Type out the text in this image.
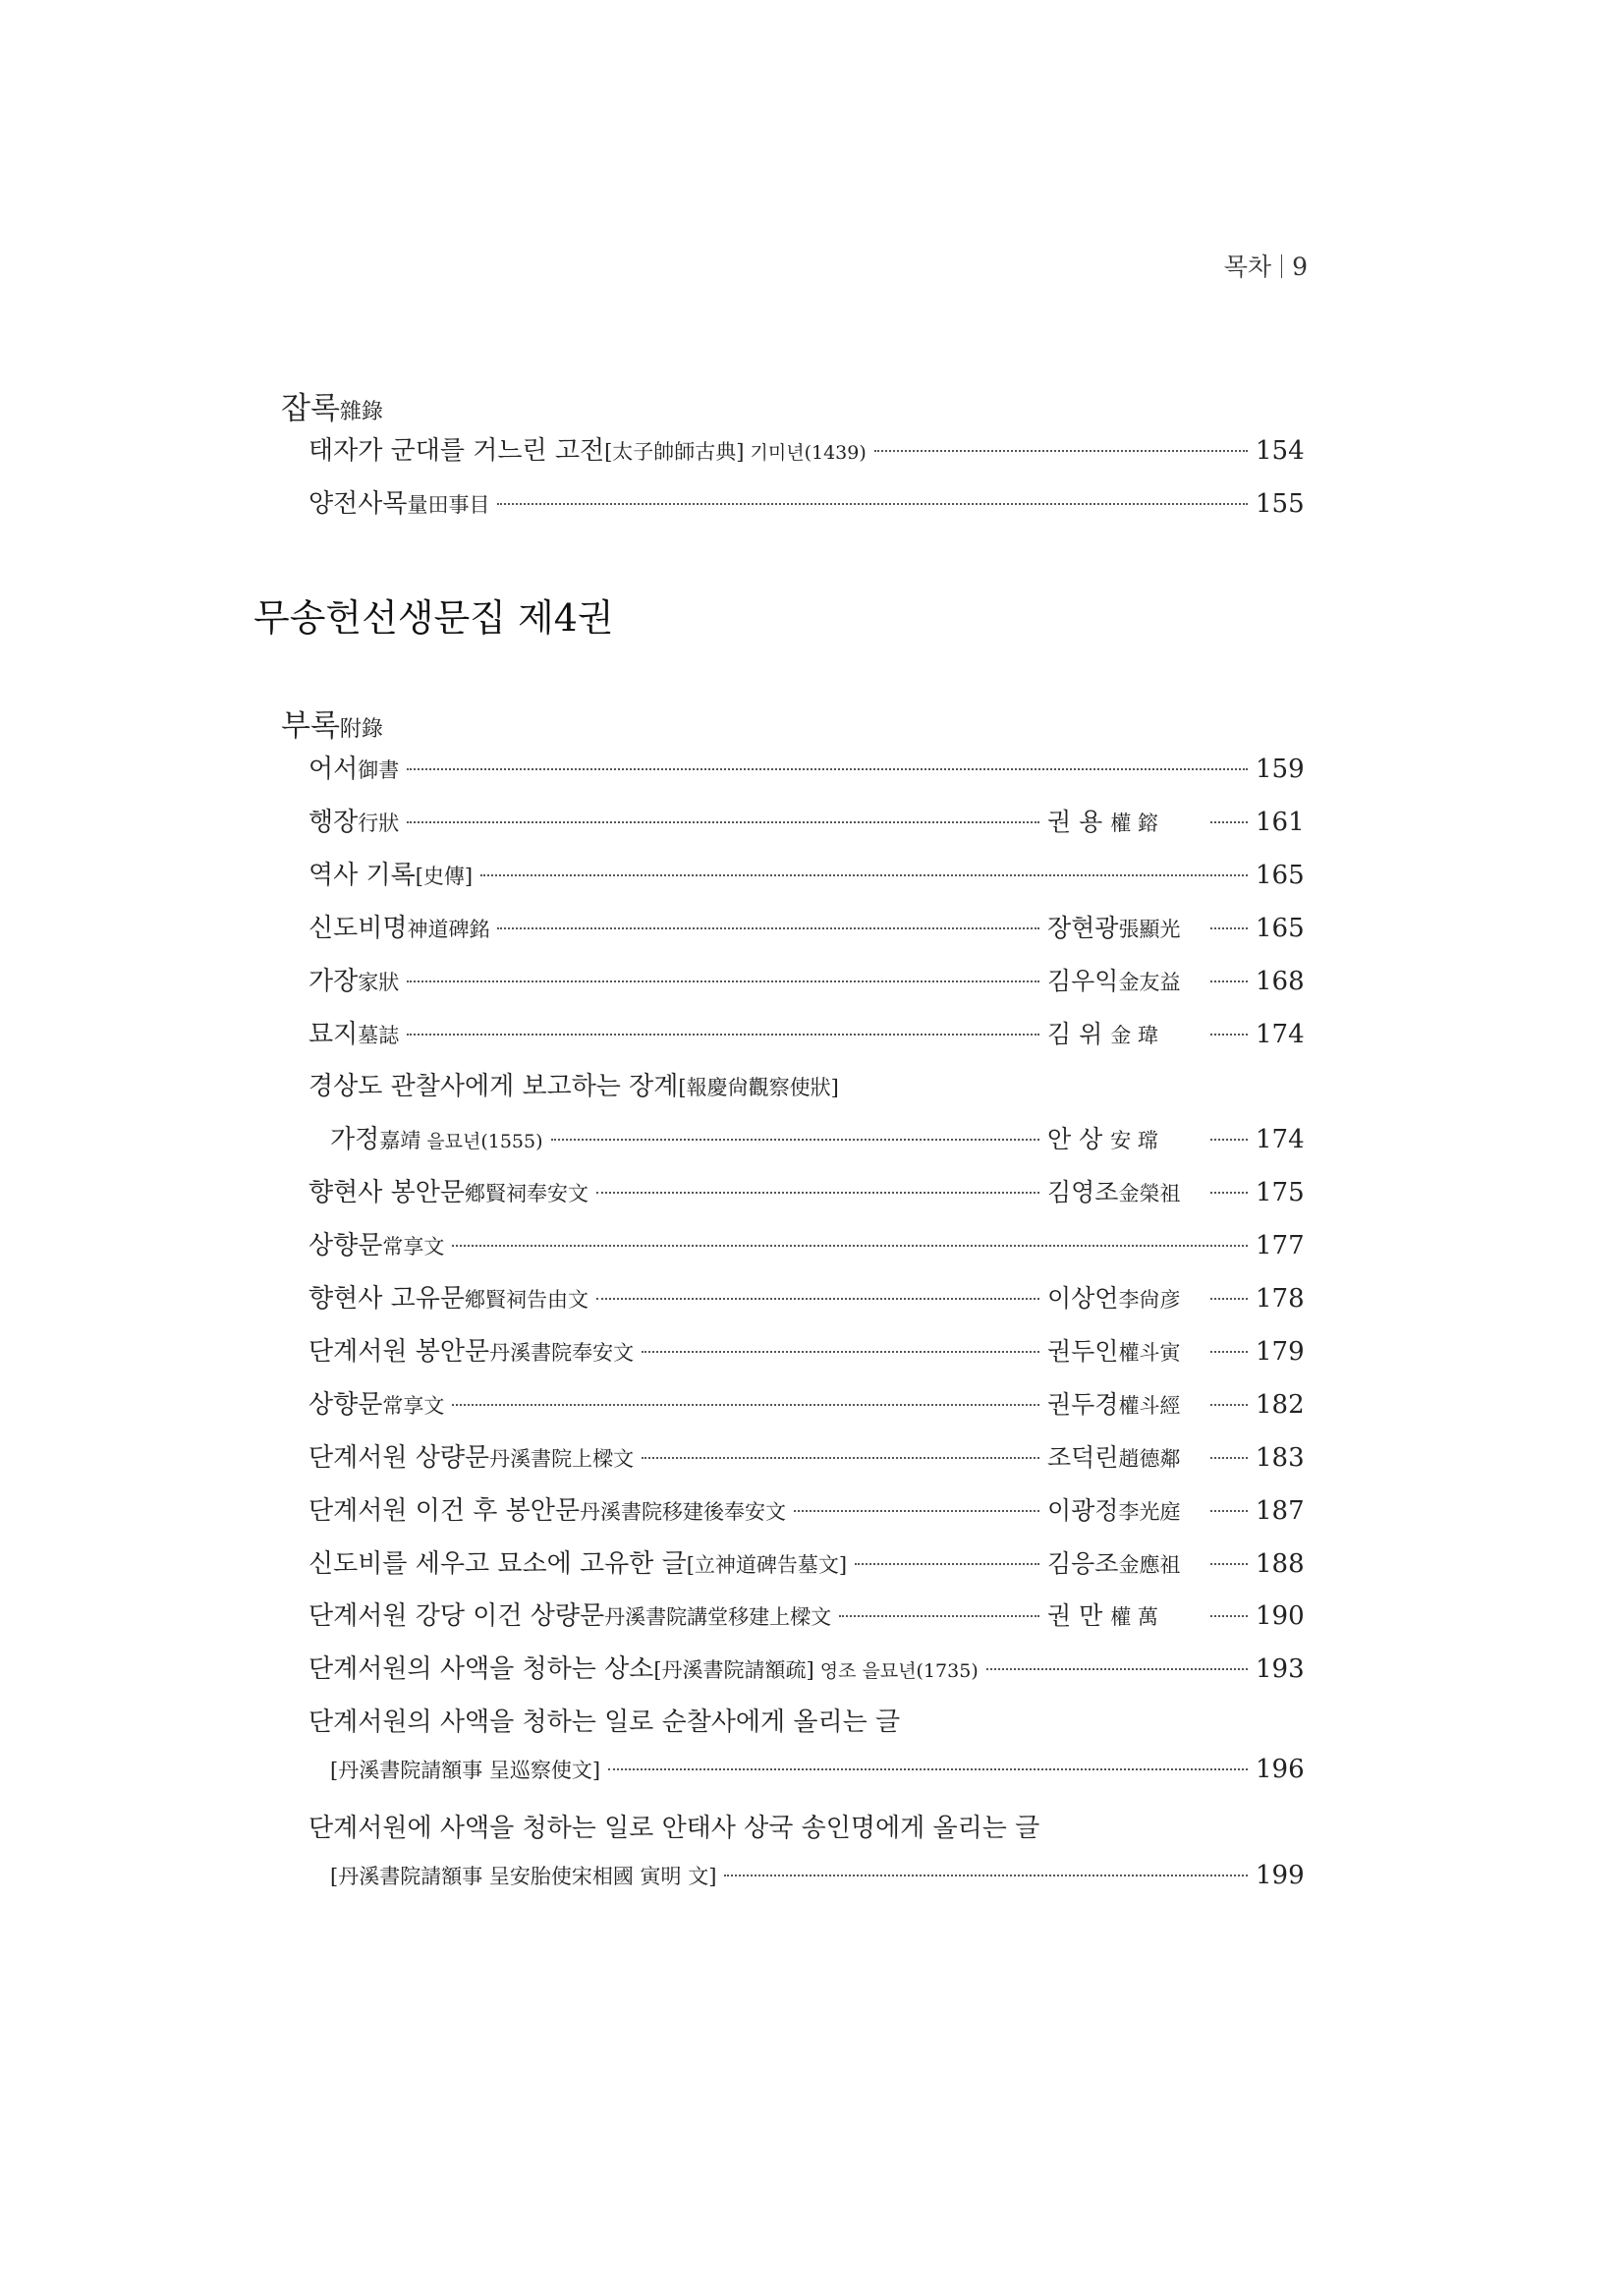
목차 9
잡록雜錄
태자가 군대를 거느린 고전[太子帥師古典] 기미년(1439)	154
양전사목量田事目	155
무송헌선생문집 제4권
부록附錄
어서御書	159
행장行狀	권 용 權 鎔	161
역사 기록[史傳]	165
신도비명神道碑銘	장현광張顯光	165
가장家狀	김우익金友益	168
묘지墓誌	김 위 金 瑋	174
경상도 관찰사에게 보고하는 장계[報慶尙觀察使狀]
가정嘉靖 을묘년(1555)	안 상 安 瑺	174
향현사 봉안문鄕賢祠奉安文	김영조金榮祖	175
상향문常享文	177
향현사 고유문鄕賢祠告由文	이상언李尙彦	178
단계서원 봉안문丹溪書院奉安文	권두인權斗寅	179
상향문常享文	권두경權斗經	182
단계서원 상량문丹溪書院上樑文	조덕린趙德鄰	183
단계서원 이건 후 봉안문丹溪書院移建後奉安文	이광정李光庭	187
신도비를 세우고 묘소에 고유한 글[立神道碑告墓文]	김응조金應祖	188
단계서원 강당 이건 상량문丹溪書院講堂移建上樑文	권 만 權 萬	190
단계서원의 사액을 청하는 상소[丹溪書院請額疏] 영조 을묘년(1735)	193
단계서원의 사액을 청하는 일로 순찰사에게 올리는 글
[丹溪書院請額事 呈巡察使文]	196
단계서원에 사액을 청하는 일로 안태사 상국 송인명에게 올리는 글
[丹溪書院請額事 呈安胎使宋相國 寅明 文]	199
